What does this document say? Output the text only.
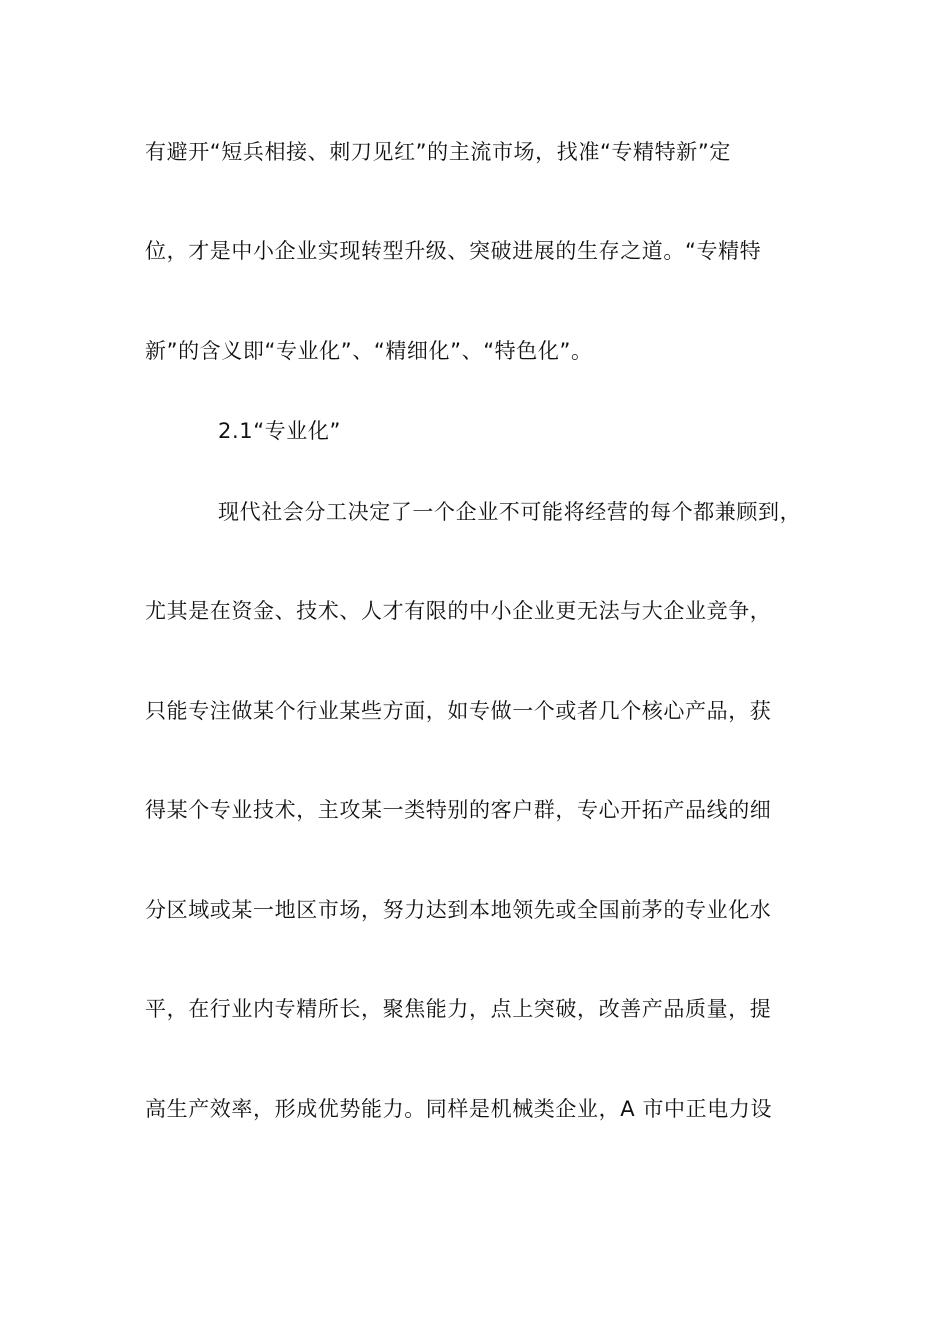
有避开“短兵相接、刺刀见红”的主流市场，找准“专精特新”定
位，才是中小企业实现转型升级、突破进展的生存之道。“专精特
新”的含义即“专业化”、“精细化”、“特色化”。
2.1“专业化”
现代社会分工决定了一个企业不可能将经营的每个都兼顾到，
尤其是在资金、技术、人才有限的中小企业更无法与大企业竞争，
只能专注做某个行业某些方面，如专做一个或者几个核心产品，获
得某个专业技术，主攻某一类特别的客户群，专心开拓产品线的细
分区域或某一地区市场，努力达到本地领先或全国前茅的专业化水
平，在行业内专精所长，聚焦能力，点上突破，改善产品质量，提
高生产效率，形成优势能力。同样是机械类企业，A 市中正电力设
